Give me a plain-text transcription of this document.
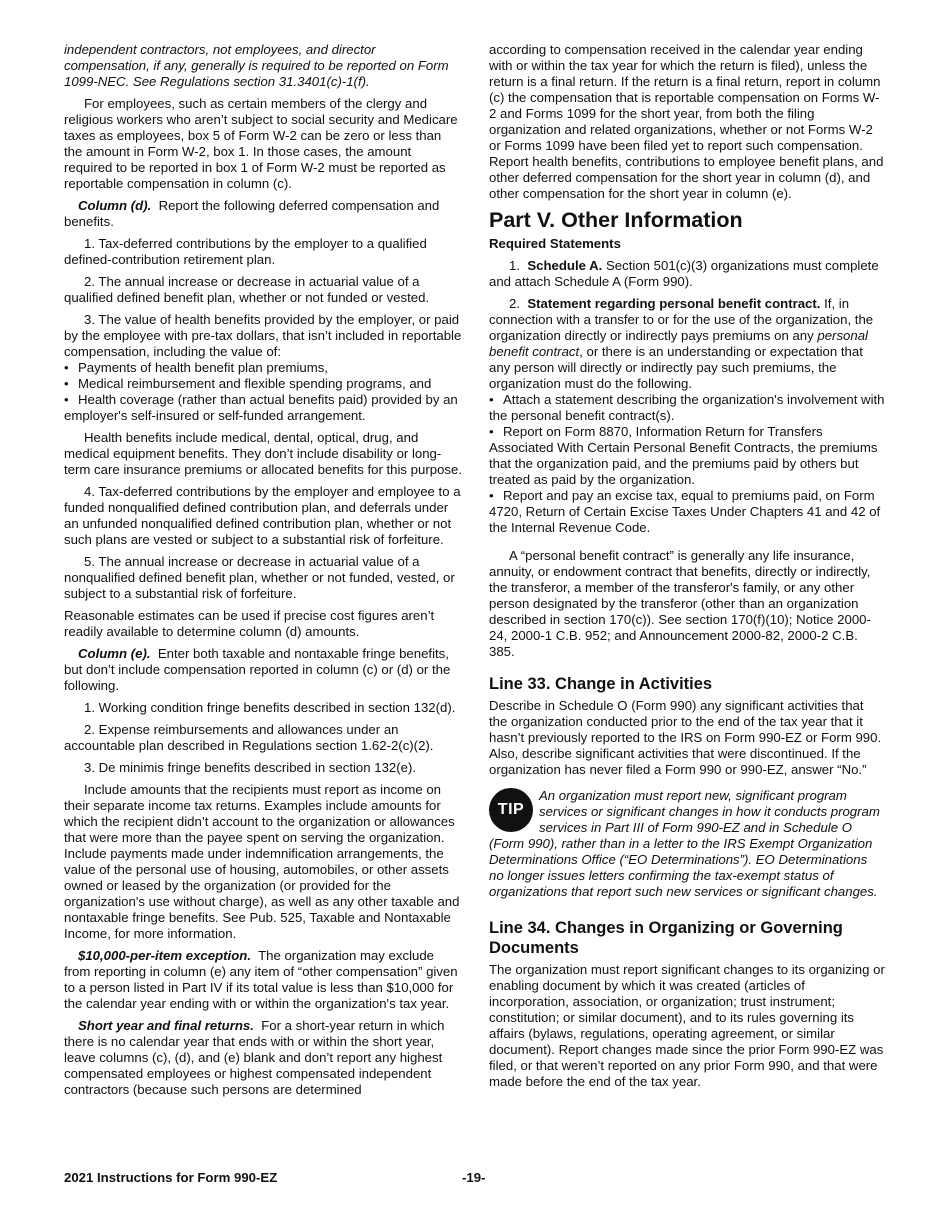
independent contractors, not employees, and director compensation, if any, generally is required to be reported on Form 1099-NEC. See Regulations section 31.3401(c)-1(f).

For employees, such as certain members of the clergy and religious workers who aren’t subject to social security and Medicare taxes as employees, box 5 of Form W-2 can be zero or less than the amount in Form W-2, box 1. In those cases, the amount required to be reported in box 1 of Form W-2 must be reported as reportable compensation in column (c).

Column (d). Report the following deferred compensation and benefits.

1. Tax-deferred contributions by the employer to a qualified defined-contribution retirement plan.

2. The annual increase or decrease in actuarial value of a qualified defined benefit plan, whether or not funded or vested.

3. The value of health benefits provided by the employer, or paid by the employee with pre-tax dollars, that isn’t included in reportable compensation, including the value of:

• Payments of health benefit plan premiums,

• Medical reimbursement and flexible spending programs, and

• Health coverage (rather than actual benefits paid) provided by an employer's self-insured or self-funded arrangement.

Health benefits include medical, dental, optical, drug, and medical equipment benefits. They don’t include disability or long-term care insurance premiums or allocated benefits for this purpose.

4. Tax-deferred contributions by the employer and employee to a funded nonqualified defined contribution plan, and deferrals under an unfunded nonqualified defined contribution plan, whether or not such plans are vested or subject to a substantial risk of forfeiture.

5. The annual increase or decrease in actuarial value of a nonqualified defined benefit plan, whether or not funded, vested, or subject to a substantial risk of forfeiture.

Reasonable estimates can be used if precise cost figures aren’t readily available to determine column (d) amounts.

Column (e). Enter both taxable and nontaxable fringe benefits, but don’t include compensation reported in column (c) or (d) or the following.

1. Working condition fringe benefits described in section 132(d).

2. Expense reimbursements and allowances under an accountable plan described in Regulations section 1.62-2(c)(2).

3. De minimis fringe benefits described in section 132(e).

Include amounts that the recipients must report as income on their separate income tax returns. Examples include amounts for which the recipient didn’t account to the organization or allowances that were more than the payee spent on serving the organization. Include payments made under indemnification arrangements, the value of the personal use of housing, automobiles, or other assets owned or leased by the organization (or provided for the organization's use without charge), as well as any other taxable and nontaxable fringe benefits. See Pub. 525, Taxable and Nontaxable Income, for more information.

$10,000-per-item exception. The organization may exclude from reporting in column (e) any item of “other compensation” given to a person listed in Part IV if its total value is less than $10,000 for the calendar year ending with or within the organization's tax year.

Short year and final returns. For a short-year return in which there is no calendar year that ends with or within the short year, leave columns (c), (d), and (e) blank and don’t report any highest compensated employees or highest compensated independent contractors (because such persons are determined

according to compensation received in the calendar year ending with or within the tax year for which the return is filed), unless the return is a final return. If the return is a final return, report in column (c) the compensation that is reportable compensation on Forms W-2 and Forms 1099 for the short year, from both the filing organization and related organizations, whether or not Forms W-2 or Forms 1099 have been filed yet to report such compensation. Report health benefits, contributions to employee benefit plans, and other deferred compensation for the short year in column (d), and other compensation for the short year in column (e).

Part V. Other Information
Required Statements

1. Schedule A. Section 501(c)(3) organizations must complete and attach Schedule A (Form 990).

2. Statement regarding personal benefit contract. If, in connection with a transfer to or for the use of the organization, the organization directly or indirectly pays premiums on any personal benefit contract, or there is an understanding or expectation that any person will directly or indirectly pay such premiums, the organization must do the following.

• Attach a statement describing the organization's involvement with the personal benefit contract(s).

• Report on Form 8870, Information Return for Transfers Associated With Certain Personal Benefit Contracts, the premiums that the organization paid, and the premiums paid by others but treated as paid by the organization.

• Report and pay an excise tax, equal to premiums paid, on Form 4720, Return of Certain Excise Taxes Under Chapters 41 and 42 of the Internal Revenue Code.

A “personal benefit contract” is generally any life insurance, annuity, or endowment contract that benefits, directly or indirectly, the transferor, a member of the transferor's family, or any other person designated by the transferor (other than an organization described in section 170(c)). See section 170(f)(10); Notice 2000-24, 2000-1 C.B. 952; and Announcement 2000-82, 2000-2 C.B. 385.

Line 33. Change in Activities

Describe in Schedule O (Form 990) any significant activities that the organization conducted prior to the end of the tax year that it hasn’t previously reported to the IRS on Form 990-EZ or Form 990. Also, describe significant activities that were discontinued. If the organization has never filed a Form 990 or 990-EZ, answer “No.”

TIP

An organization must report new, significant program services or significant changes in how it conducts program services in Part III of Form 990-EZ and in Schedule O (Form 990), rather than in a letter to the IRS Exempt Organization Determinations Office (“EO Determinations”). EO Determinations no longer issues letters confirming the tax-exempt status of organizations that report such new services or significant changes.

Line 34. Changes in Organizing or Governing Documents

The organization must report significant changes to its organizing or enabling document by which it was created (articles of incorporation, association, or organization; trust instrument; constitution; or similar document), and to its rules governing its affairs (bylaws, regulations, operating agreement, or similar document). Report changes made since the prior Form 990-EZ was filed, or that weren’t reported on any prior Form 990, and that were made before the end of the tax year.

2021 Instructions for Form 990-EZ	-19-
